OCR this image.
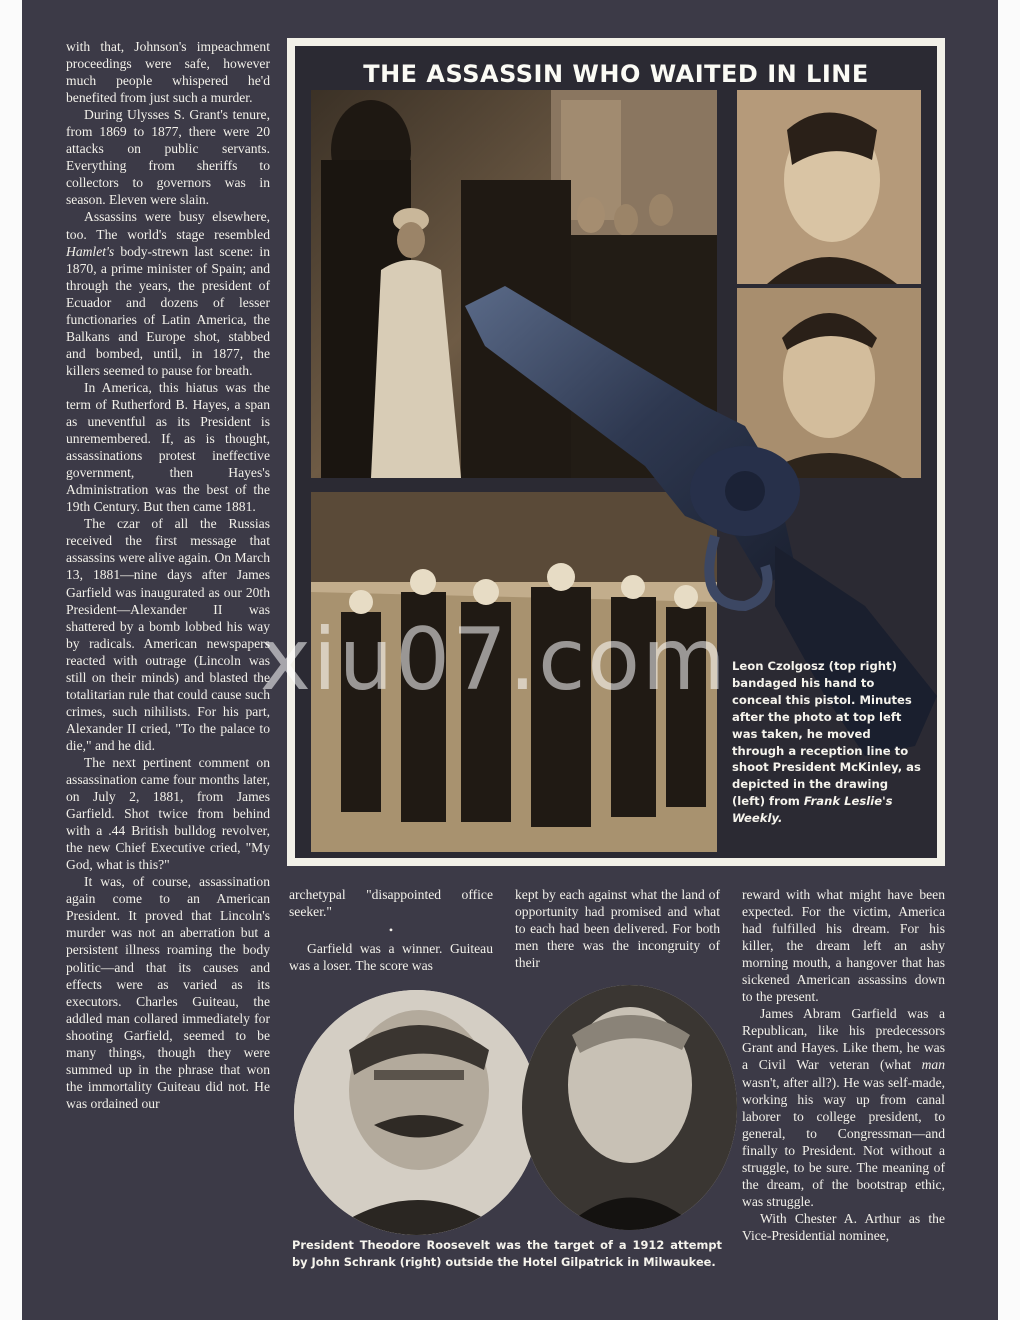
with that, Johnson's impeachment proceedings were safe, however much people whispered he'd benefited from just such a murder.

During Ulysses S. Grant's tenure, from 1869 to 1877, there were 20 attacks on public servants. Everything from sheriffs to collectors to governors was in season. Eleven were slain.

Assassins were busy elsewhere, too. The world's stage resembled Hamlet's body-strewn last scene: in 1870, a prime minister of Spain; and through the years, the president of Ecuador and dozens of lesser functionaries of Latin America, the Balkans and Europe shot, stabbed and bombed, until, in 1877, the killers seemed to pause for breath.

In America, this hiatus was the term of Rutherford B. Hayes, a span as uneventful as its President is unremembered. If, as is thought, assassinations protest ineffective government, then Hayes's Administration was the best of the 19th Century. But then came 1881.

The czar of all the Russias received the first message that assassins were alive again. On March 13, 1881—nine days after James Garfield was inaugurated as our 20th President—Alexander II was shattered by a bomb lobbed his way by radicals. American newspapers reacted with outrage (Lincoln was still on their minds) and blasted the totalitarian rule that could cause such crimes, such nihilists. For his part, Alexander II cried, "To the palace to die," and he did.

The next pertinent comment on assassination came four months later, on July 2, 1881, from James Garfield. Shot twice from behind with a .44 British bulldog revolver, the new Chief Executive cried, "My God, what is this?"

It was, of course, assassination again come to an American President. It proved that Lincoln's murder was not an aberration but a persistent illness roaming the body politic—and that its causes and effects were as varied as its executors. Charles Guiteau, the addled man collared immediately for shooting Garfield, seemed to be many things, though they were summed up in the phrase that won the immortality Guiteau did not. He was ordained our

THE ASSASSIN WHO WAITED IN LINE
Leon Czolgosz (top right) bandaged his hand to conceal this pistol. Minutes after the photo at top left was taken, he moved through a reception line to shoot President McKinley, as depicted in the drawing (left) from Frank Leslie's Weekly.

archetypal "disappointed office seeker."

•

Garfield was a winner. Guiteau was a loser. The score was

kept by each against what the land of opportunity had promised and what to each had been delivered. For both men there was the incongruity of their

reward with what might have been expected. For the victim, America had fulfilled his dream. For his killer, the dream left an ashy morning mouth, a hangover that has sickened American assassins down to the present.

James Abram Garfield was a Republican, like his predecessors Grant and Hayes. Like them, he was a Civil War veteran (what man wasn't, after all?). He was self-made, working his way up from canal laborer to college president, to general, to Congressman—and finally to President. Not without a struggle, to be sure. The meaning of the dream, of the bootstrap ethic, was struggle.

With Chester A. Arthur as the Vice-Presidential nominee,

President Theodore Roosevelt was the target of a 1912 attempt by John Schrank (right) outside the Hotel Gilpatrick in Milwaukee.
xiu07.com
